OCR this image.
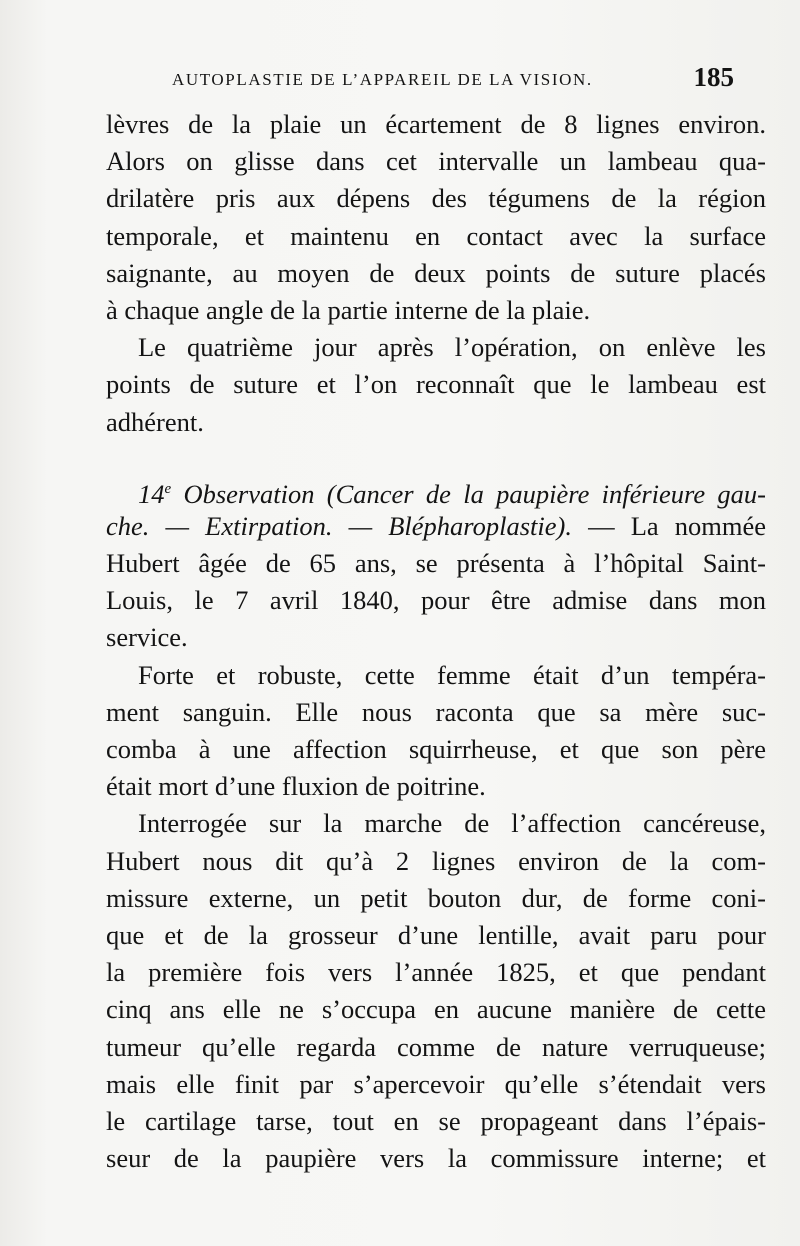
AUTOPLASTIE DE L’APPAREIL DE LA VISION.	185
lèvres de la plaie un écartement de 8 lignes environ.
Alors on glisse dans cet intervalle un lambeau qua-
drilatère pris aux dépens des tégumens de la région
temporale, et maintenu en contact avec la surface
saignante, au moyen de deux points de suture placés
à chaque angle de la partie interne de la plaie.
Le quatrième jour après l’opération, on enlève les
points de suture et l’on reconnaît que le lambeau est
adhérent.
14e Observation (Cancer de la paupière inférieure gau-
che. — Extirpation. — Blépharoplastie). — La nommée
Hubert âgée de 65 ans, se présenta à l’hôpital Saint-
Louis, le 7 avril 1840, pour être admise dans mon
service.
Forte et robuste, cette femme était d’un tempéra-
ment sanguin. Elle nous raconta que sa mère suc-
comba à une affection squirrheuse, et que son père
était mort d’une fluxion de poitrine.
Interrogée sur la marche de l’affection cancéreuse,
Hubert nous dit qu’à 2 lignes environ de la com-
missure externe, un petit bouton dur, de forme coni-
que et de la grosseur d’une lentille, avait paru pour
la première fois vers l’année 1825, et que pendant
cinq ans elle ne s’occupa en aucune manière de cette
tumeur qu’elle regarda comme de nature verruqueuse;
mais elle finit par s’apercevoir qu’elle s’étendait vers
le cartilage tarse, tout en se propageant dans l’épais-
seur de la paupière vers la commissure interne; et
